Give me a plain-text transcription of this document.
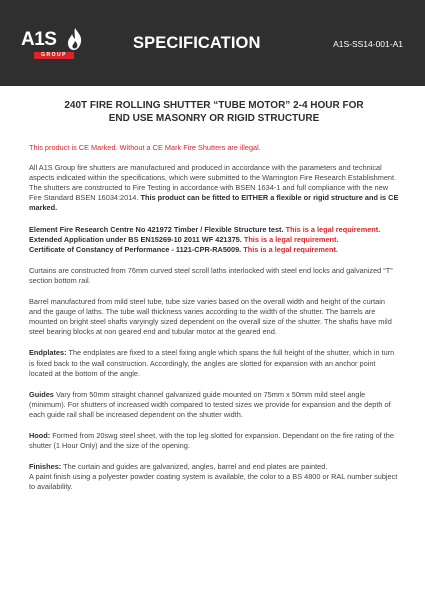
A1S
GROUP
SPECIFICATION	A1S-SS14-001-A1
240T FIRE ROLLING SHUTTER “TUBE MOTOR” 2-4 HOUR FOR END USE MASONRY OR RIGID STRUCTURE

This product is CE Marked. Without a CE Mark Fire Shutters are illegal.

All A1S Group fire shutters are manufactured and produced in accordance with the parameters and technical aspects indicated within the specifications, which were submitted to the Warrington Fire Research Establishment. The shutters are constructed to Fire Testing in accordance with BSEN 1634-1 and full compliance with the new Fire Standard BSEN 16034:2014. This product can be fitted to EITHER a flexible or rigid structure and is CE marked.

Element Fire Research Centre No 421972 Timber / Flexible Structure test. This is a legal requirement.
Extended Application under BS EN15269-10 2011 WF 421375. This is a legal requirement.
Certificate of Constancy of Performance - 1121-CPR-RA5009. This is a legal requirement.

Curtains are constructed from 76mm curved steel scroll laths interlocked with steel end locks and galvanized “T” section bottom rail.

Barrel manufactured from mild steel tube, tube size varies based on the overall width and height of the curtain and the gauge of laths. The tube wall thickness varies according to the width of the shutter. The barrels are mounted on bright steel shafts varyingly sized dependent on the overall size of the shutter. The shafts have mild steel bearing blocks at non geared end and tubular motor at the geared end.

Endplates: The endplates are fixed to a steel fixing angle which spans the full height of the shutter, which in turn is fixed back to the wall construction. Accordingly, the angles are slotted for expansion with an anchor point located at the bottom of the angle.

Guides Vary from 50mm straight channel galvanized guide mounted on 75mm x 50mm mild steel angle (minimum). For shutters of increased width compared to tested sizes we provide for expansion and the depth of each guide rail shall be increased dependent on the shutter width.

Hood: Formed from 20swg steel sheet, with the top leg slotted for expansion. Dependant on the fire rating of the shutter (1 Hour Only) and the size of the opening.

Finishes: The curtain and guides are galvanized, angles, barrel and end plates are painted.
A paint finish using a polyester powder coating system is available, the color to a BS 4800 or RAL number subject to availability.
